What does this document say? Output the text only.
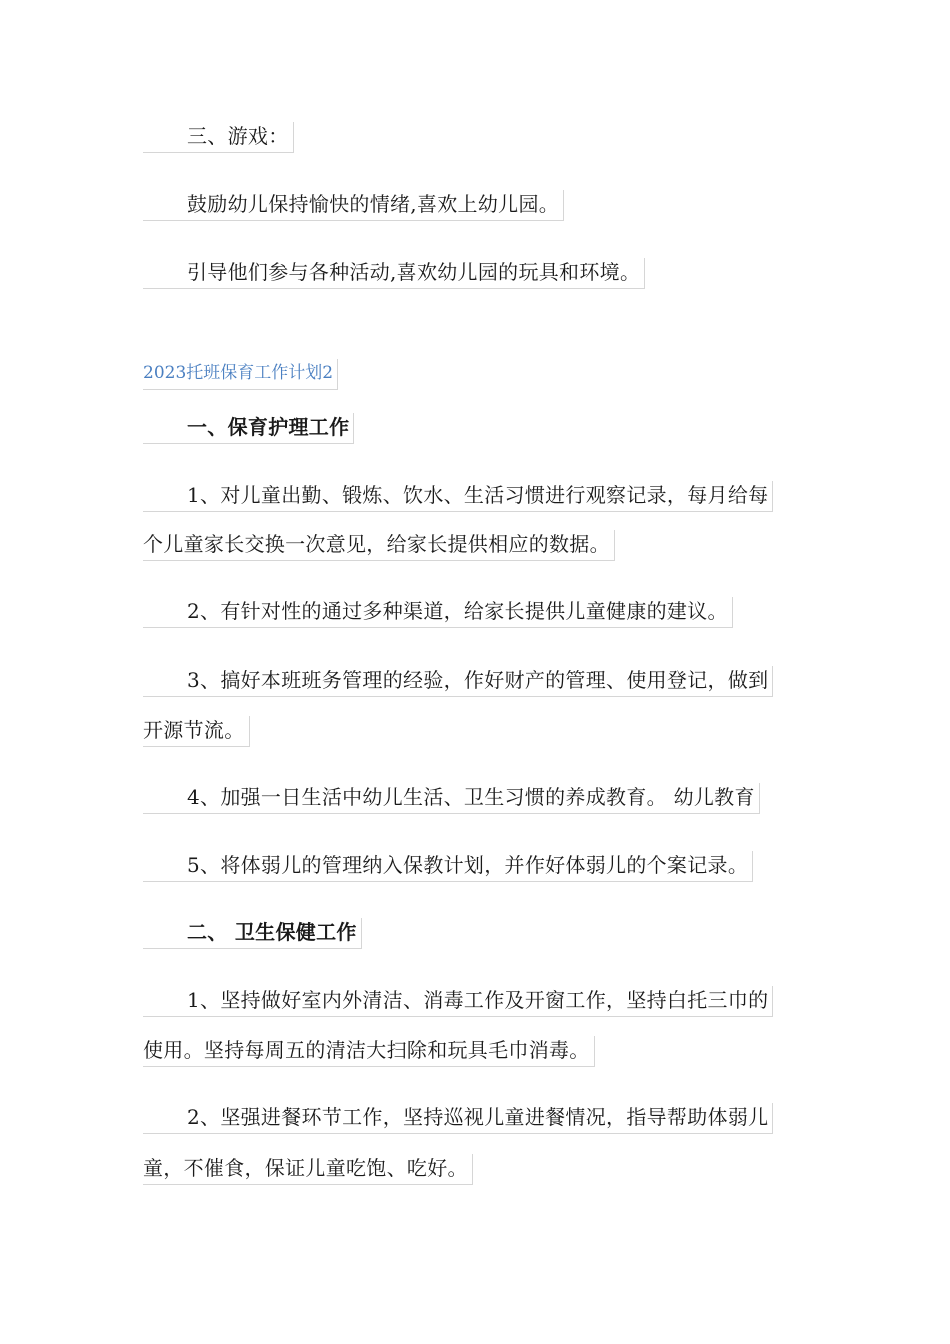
三、游戏：
鼓励幼儿保持愉快的情绪,喜欢上幼儿园。
引导他们参与各种活动,喜欢幼儿园的玩具和环境。
2023托班保育工作计划2
一、保育护理工作
1、对儿童出勤、锻炼、饮水、生活习惯进行观察记录，每月给每
个儿童家长交换一次意见，给家长提供相应的数据。
2、有针对性的通过多种渠道，给家长提供儿童健康的建议。
3、搞好本班班务管理的经验，作好财产的管理、使用登记，做到
开源节流。
4、加强一日生活中幼儿生活、卫生习惯的养成教育。 幼儿教育
5、将体弱儿的管理纳入保教计划，并作好体弱儿的个案记录。
二、 卫生保健工作
1、坚持做好室内外清洁、消毒工作及开窗工作，坚持白托三巾的
使用。坚持每周五的清洁大扫除和玩具毛巾消毒。
2、坚强进餐环节工作，坚持巡视儿童进餐情况，指导帮助体弱儿
童，不催食，保证儿童吃饱、吃好。
